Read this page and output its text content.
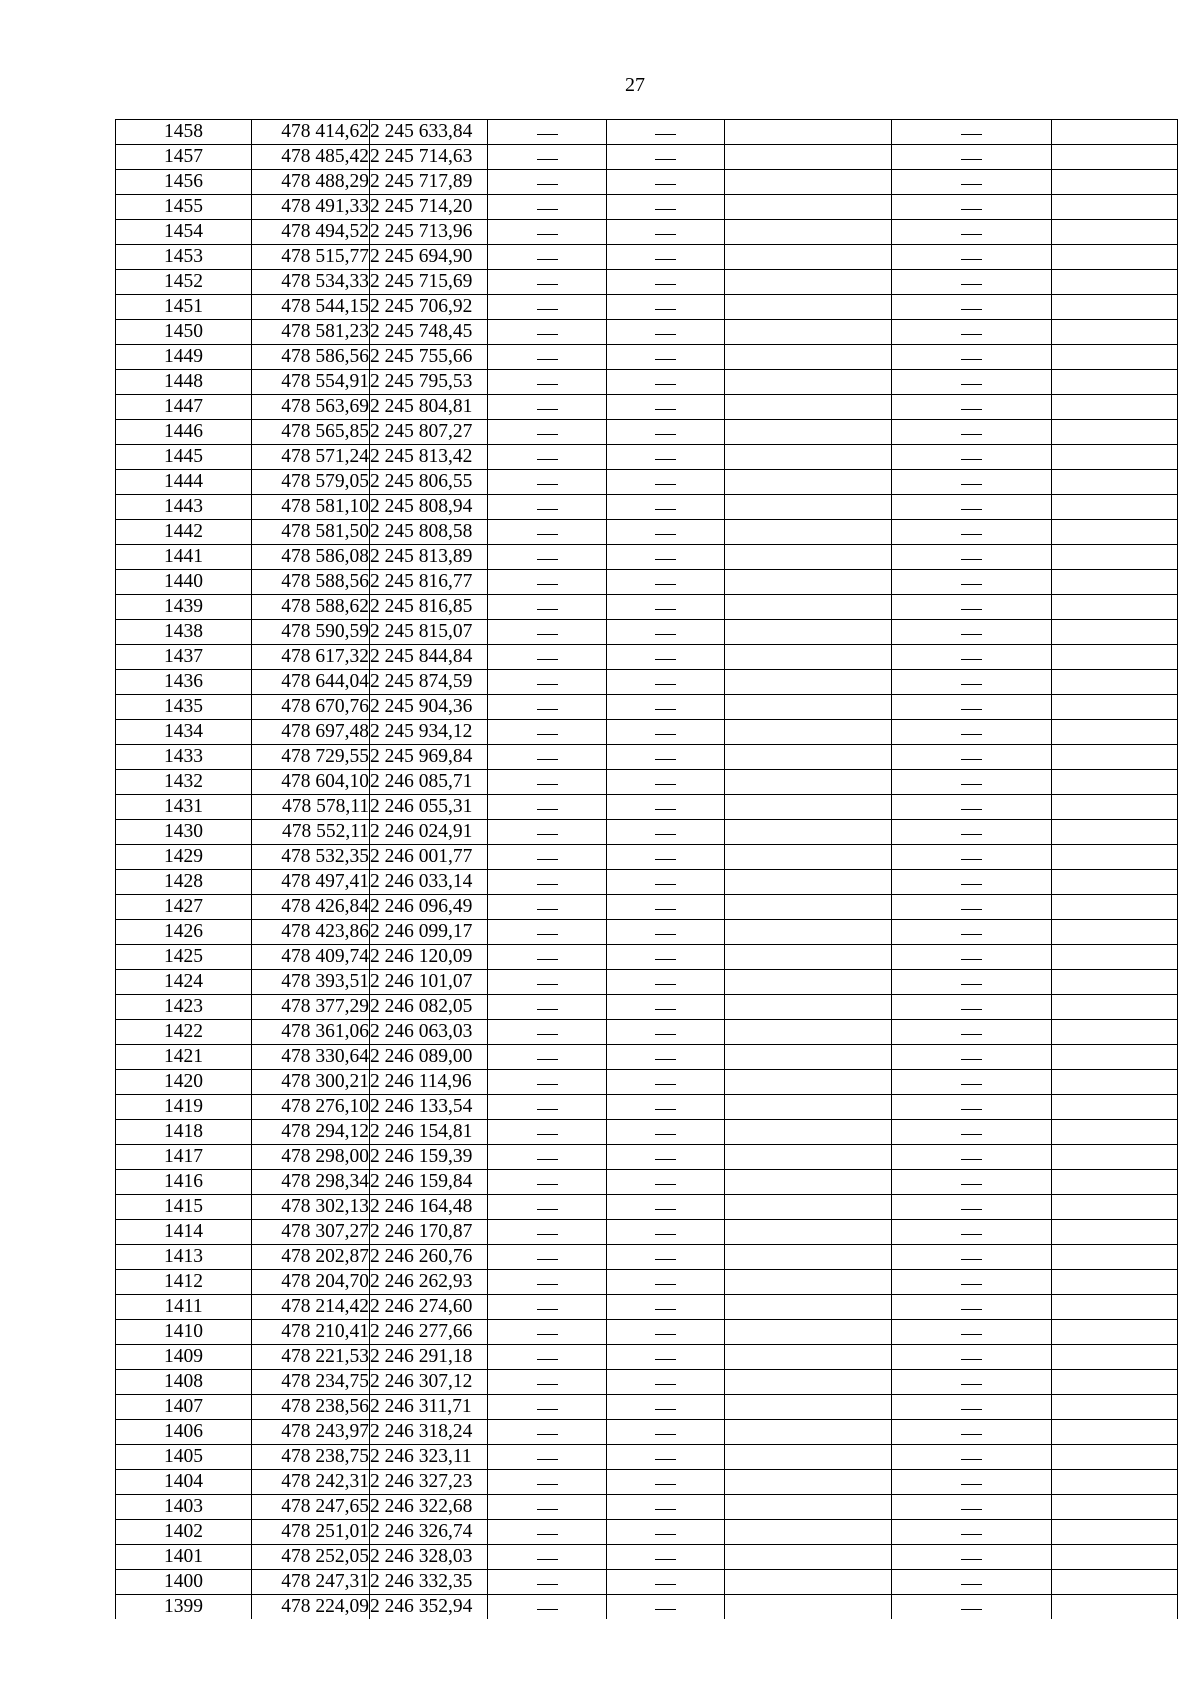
27
1458	478 414,62	2 245 633,84					
1457	478 485,42	2 245 714,63					
1456	478 488,29	2 245 717,89					
1455	478 491,33	2 245 714,20					
1454	478 494,52	2 245 713,96					
1453	478 515,77	2 245 694,90					
1452	478 534,33	2 245 715,69					
1451	478 544,15	2 245 706,92					
1450	478 581,23	2 245 748,45					
1449	478 586,56	2 245 755,66					
1448	478 554,91	2 245 795,53					
1447	478 563,69	2 245 804,81					
1446	478 565,85	2 245 807,27					
1445	478 571,24	2 245 813,42					
1444	478 579,05	2 245 806,55					
1443	478 581,10	2 245 808,94					
1442	478 581,50	2 245 808,58					
1441	478 586,08	2 245 813,89					
1440	478 588,56	2 245 816,77					
1439	478 588,62	2 245 816,85					
1438	478 590,59	2 245 815,07					
1437	478 617,32	2 245 844,84					
1436	478 644,04	2 245 874,59					
1435	478 670,76	2 245 904,36					
1434	478 697,48	2 245 934,12					
1433	478 729,55	2 245 969,84					
1432	478 604,10	2 246 085,71					
1431	478 578,11	2 246 055,31					
1430	478 552,11	2 246 024,91					
1429	478 532,35	2 246 001,77					
1428	478 497,41	2 246 033,14					
1427	478 426,84	2 246 096,49					
1426	478 423,86	2 246 099,17					
1425	478 409,74	2 246 120,09					
1424	478 393,51	2 246 101,07					
1423	478 377,29	2 246 082,05					
1422	478 361,06	2 246 063,03					
1421	478 330,64	2 246 089,00					
1420	478 300,21	2 246 114,96					
1419	478 276,10	2 246 133,54					
1418	478 294,12	2 246 154,81					
1417	478 298,00	2 246 159,39					
1416	478 298,34	2 246 159,84					
1415	478 302,13	2 246 164,48					
1414	478 307,27	2 246 170,87					
1413	478 202,87	2 246 260,76					
1412	478 204,70	2 246 262,93					
1411	478 214,42	2 246 274,60					
1410	478 210,41	2 246 277,66					
1409	478 221,53	2 246 291,18					
1408	478 234,75	2 246 307,12					
1407	478 238,56	2 246 311,71					
1406	478 243,97	2 246 318,24					
1405	478 238,75	2 246 323,11					
1404	478 242,31	2 246 327,23					
1403	478 247,65	2 246 322,68					
1402	478 251,01	2 246 326,74					
1401	478 252,05	2 246 328,03					
1400	478 247,31	2 246 332,35					
1399	478 224,09	2 246 352,94					
